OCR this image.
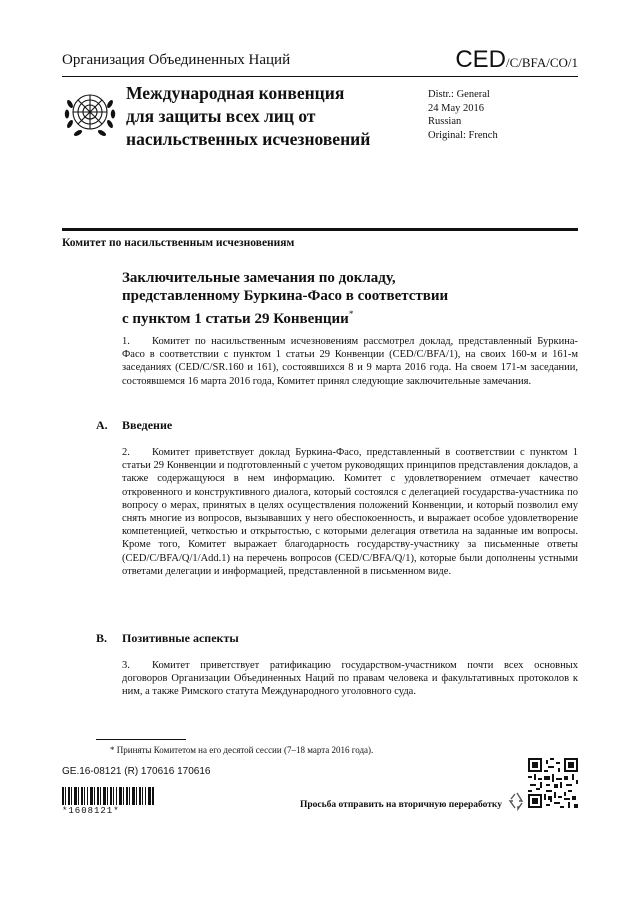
Организация Объединенных Наций	CED/C/BFA/CO/1
Международная конвенция
для защиты всех лиц от
насильственных исчезновений
Distr.: General
24 May 2016
Russian
Original: French
Комитет по насильственным исчезновениям
Заключительные замечания по докладу,
представленному Буркина-Фасо в соответствии
с пунктом 1 статьи 29 Конвенции*
1. Комитет по насильственным исчезновениям рассмотрел доклад, представленный Буркина-Фасо в соответствии с пунктом 1 статьи 29 Конвенции (CED/C/BFA/1), на своих 160-м и 161-м заседаниях (CED/C/SR.160 и 161), состоявшихся 8 и 9 марта 2016 года. На своем 171-м заседании, состоявшемся 16 марта 2016 года, Комитет принял следующие заключительные замечания.
A. Введение
2. Комитет приветствует доклад Буркина-Фасо, представленный в соответствии с пунктом 1 статьи 29 Конвенции и подготовленный с учетом руководящих принципов представления докладов, а также содержащуюся в нем информацию. Комитет с удовлетворением отмечает качество откровенного и конструктивного диалога, который состоялся с делегацией государства-участника по вопросу о мерах, принятых в целях осуществления положений Конвенции, и который позволил ему снять многие из вопросов, вызывавших у него обеспокоенность, и выражает особое удовлетворение компетенцией, четкостью и открытостью, с которыми делегация ответила на заданные им вопросы. Кроме того, Комитет выражает благодарность государству-участнику за письменные ответы (CED/C/BFA/Q/1/Add.1) на перечень вопросов (CED/C/BFA/Q/1), которые были дополнены устными ответами делегации и информацией, представленной в письменном виде.
B. Позитивные аспекты
3. Комитет приветствует ратификацию государством-участником почти всех основных договоров Организации Объединенных Наций по правам человека и факультативных протоколов к ним, а также Римского статута Международного уголовного суда.
* Приняты Комитетом на его десятой сессии (7–18 марта 2016 года).
GE.16-08121 (R) 170616 170616
*1608121*
Просьба отправить на вторичную переработку
